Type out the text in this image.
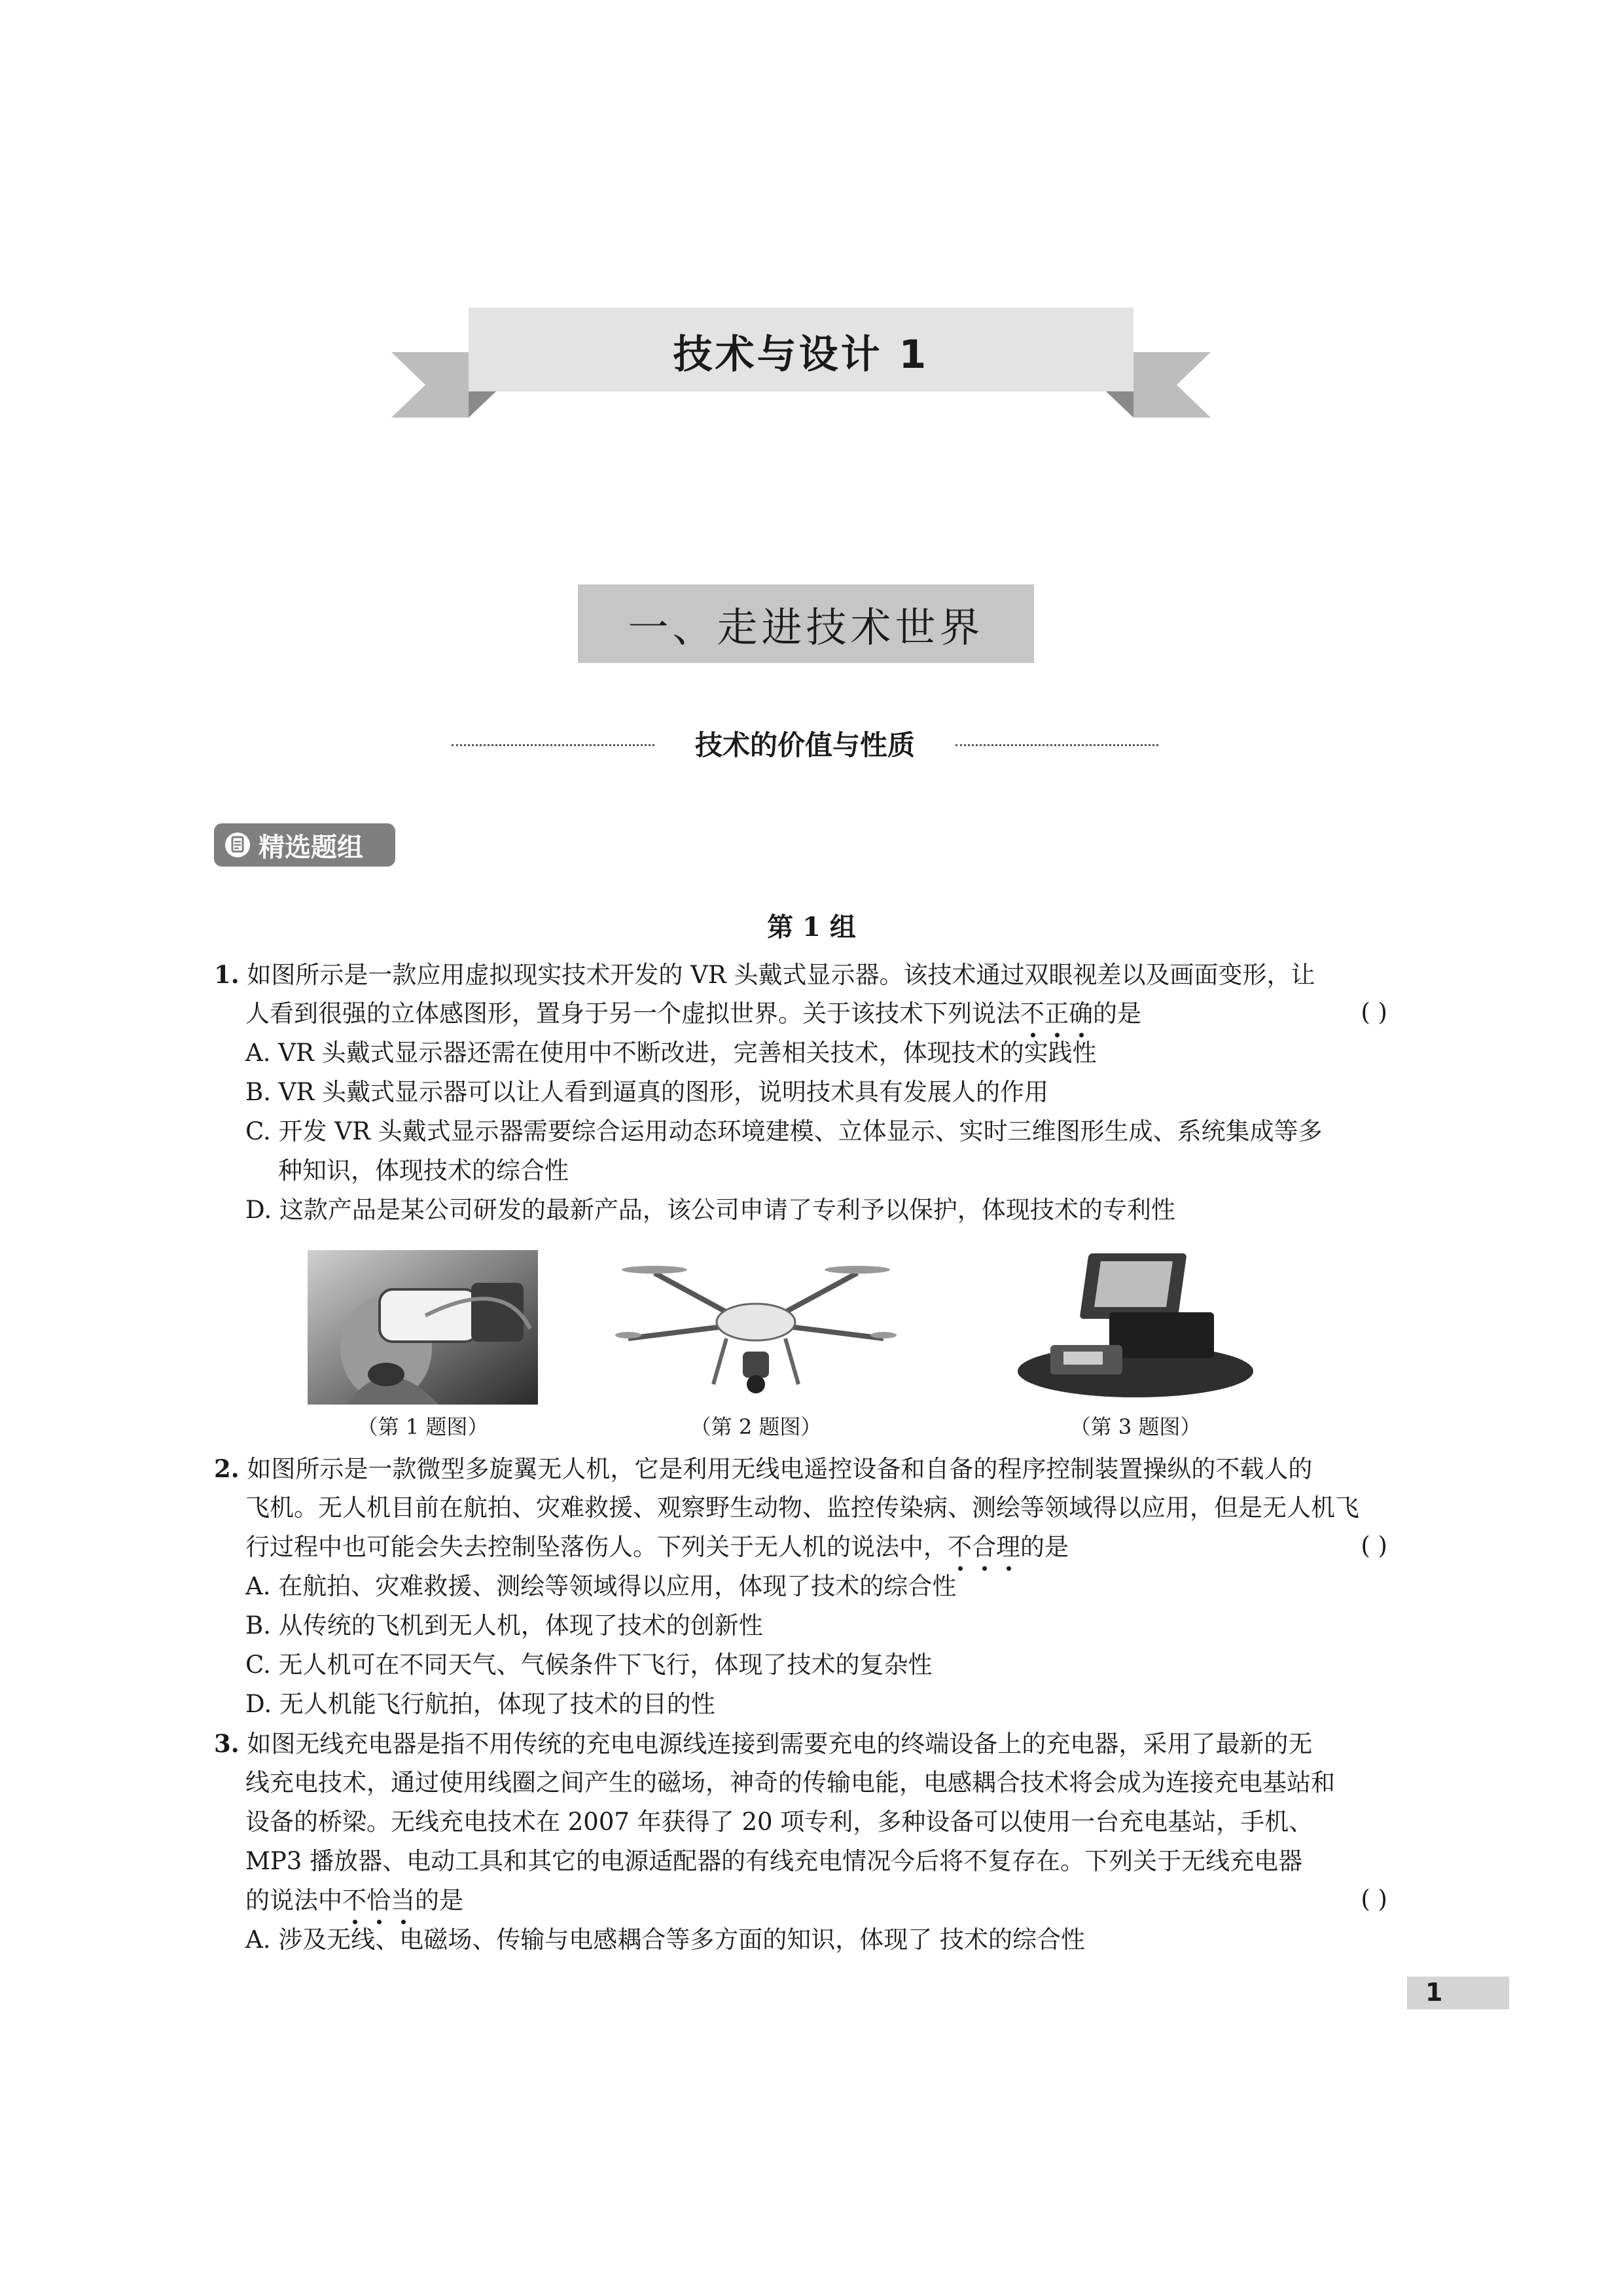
技术与设计 1
一、走进技术世界
技术的价值与性质
精选题组
第 1 组
1. 如图所示是一款应用虚拟现实技术开发的 VR 头戴式显示器。该技术通过双眼视差以及画面变形，让
人看到很强的立体感图形，置身于另一个虚拟世界。关于该技术下列说法不正确的是	( )
A. VR 头戴式显示器还需在使用中不断改进，完善相关技术，体现技术的实践性
B. VR 头戴式显示器可以让人看到逼真的图形，说明技术具有发展人的作用
C. 开发 VR 头戴式显示器需要综合运用动态环境建模、立体显示、实时三维图形生成、系统集成等多
种知识，体现技术的综合性
D. 这款产品是某公司研发的最新产品，该公司申请了专利予以保护，体现技术的专利性
（第 1 题图）	（第 2 题图）	（第 3 题图）
2. 如图所示是一款微型多旋翼无人机，它是利用无线电遥控设备和自备的程序控制装置操纵的不载人的
飞机。无人机目前在航拍、灾难救援、观察野生动物、监控传染病、测绘等领域得以应用，但是无人机飞
行过程中也可能会失去控制坠落伤人。下列关于无人机的说法中，不合理的是	( )
A. 在航拍、灾难救援、测绘等领域得以应用，体现了技术的综合性
B. 从传统的飞机到无人机，体现了技术的创新性
C. 无人机可在不同天气、气候条件下飞行，体现了技术的复杂性
D. 无人机能飞行航拍，体现了技术的目的性
3. 如图无线充电器是指不用传统的充电电源线连接到需要充电的终端设备上的充电器，采用了最新的无
线充电技术，通过使用线圈之间产生的磁场，神奇的传输电能，电感耦合技术将会成为连接充电基站和
设备的桥梁。无线充电技术在 2007 年获得了 20 项专利，多种设备可以使用一台充电基站，手机、
MP3 播放器、电动工具和其它的电源适配器的有线充电情况今后将不复存在。下列关于无线充电器
的说法中不恰当的是	( )
A. 涉及无线、电磁场、传输与电感耦合等多方面的知识，体现了 技术的综合性
1
